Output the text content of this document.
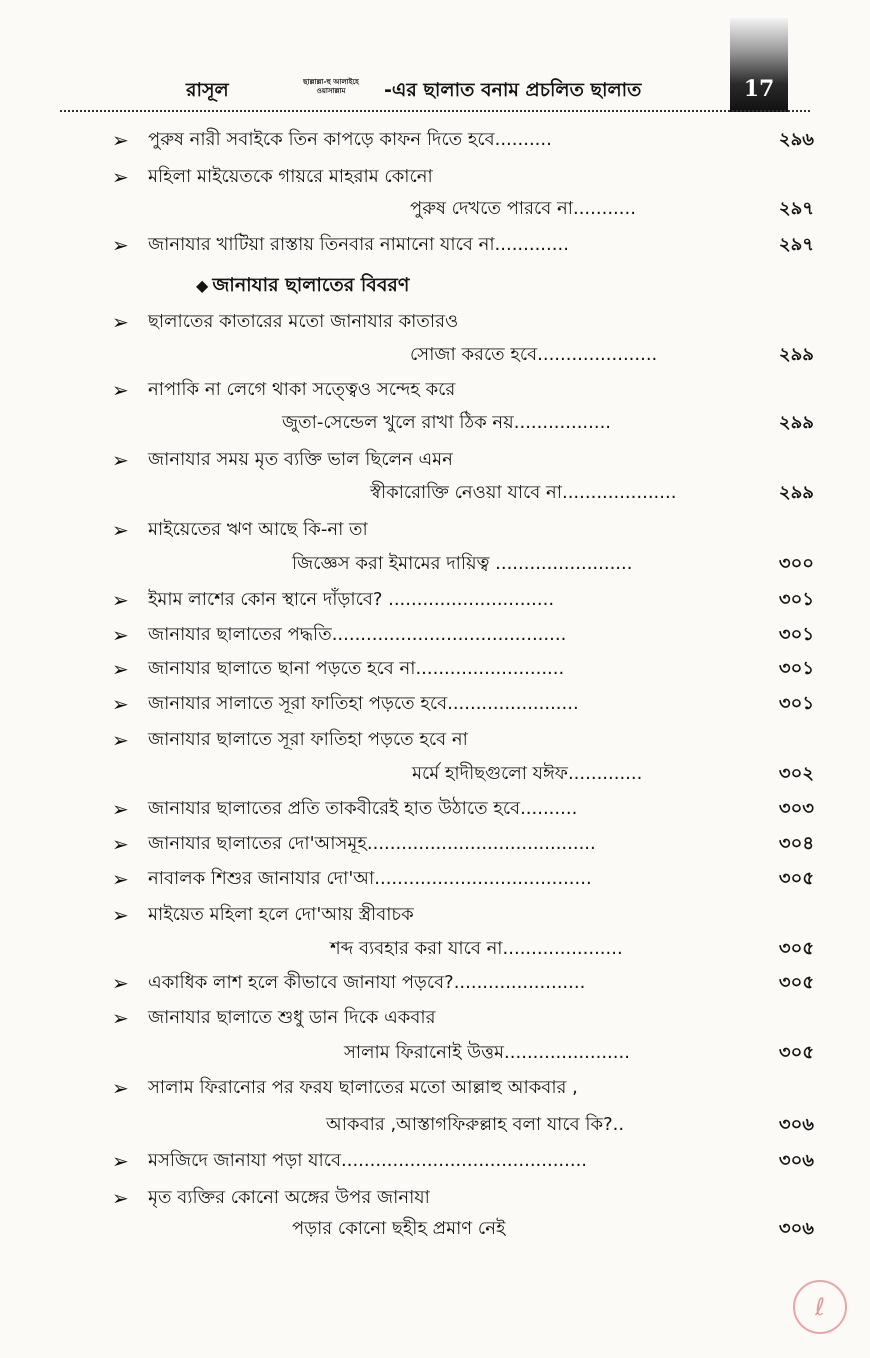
17
রাসূল	ছাল্লাল্লা-হু আলাইহে ওয়াসাল্লাম	-এর ছালাত বনাম প্রচলিত ছালাত
◆ জানাযার ছালাতের বিবরণ
➢	পুরুষ নারী সবাইকে তিন কাপড়ে কাফন দিতে হবে..........	২৯৬
➢	মহিলা মাইয়েতকে গায়রে মাহরাম কোনো
পুরুষ দেখতে পারবে না...........	২৯৭
➢	জানাযার খাটিয়া রাস্তায় তিনবার নামানো যাবে না.............	২৯৭
➢	ছালাতের কাতারের মতো জানাযার কাতারও
সোজা করতে হবে.....................	২৯৯
➢	নাপাকি না লেগে থাকা সত্ত্বেও সন্দেহ করে
জুতা-সেন্ডেল খুলে রাখা ঠিক নয়.................	২৯৯
➢	জানাযার সময় মৃত ব্যক্তি ভাল ছিলেন এমন
স্বীকারোক্তি নেওয়া যাবে না....................	২৯৯
➢	মাইয়েতের ঋণ আছে কি-না তা
জিজ্ঞেস করা ইমামের দায়িত্ব ........................	৩০০
➢	ইমাম লাশের কোন স্থানে দাঁড়াবে? .............................	৩০১
➢	জানাযার ছালাতের পদ্ধতি.........................................	৩০১
➢	জানাযার ছালাতে ছানা পড়তে হবে না..........................	৩০১
➢	জানাযার সালাতে সূরা ফাতিহা পড়তে হবে.......................	৩০১
➢	জানাযার ছালাতে সূরা ফাতিহা পড়তে হবে না
মর্মে হাদীছগুলো যঈফ.............	৩০২
➢	জানাযার ছালাতের প্রতি তাকবীরেই হাত উঠাতে হবে..........	৩০৩
➢	জানাযার ছালাতের দো'আসমূহ........................................	৩০৪
➢	নাবালক শিশুর জানাযার দো'আ......................................	৩০৫
➢	মাইয়েত মহিলা হলে দো'আয় স্ত্রীবাচক
শব্দ ব্যবহার করা যাবে না.....................	৩০৫
➢	একাধিক লাশ হলে কীভাবে জানাযা পড়বে?.......................	৩০৫
➢	জানাযার ছালাতে শুধু ডান দিকে একবার
সালাম ফিরানোই উত্তম......................	৩০৫
➢	সালাম ফিরানোর পর ফরয ছালাতের মতো আল্লাহু আকবার ,
আকবার ,আস্তাগফিরুল্লাহ বলা যাবে কি?..	৩০৬
➢	মসজিদে জানাযা পড়া যাবে...........................................	৩০৬
➢	মৃত ব্যক্তির কোনো অঙ্গের উপর জানাযা
পড়ার কোনো ছহীহ প্রমাণ নেই	৩০৬
ℓ
